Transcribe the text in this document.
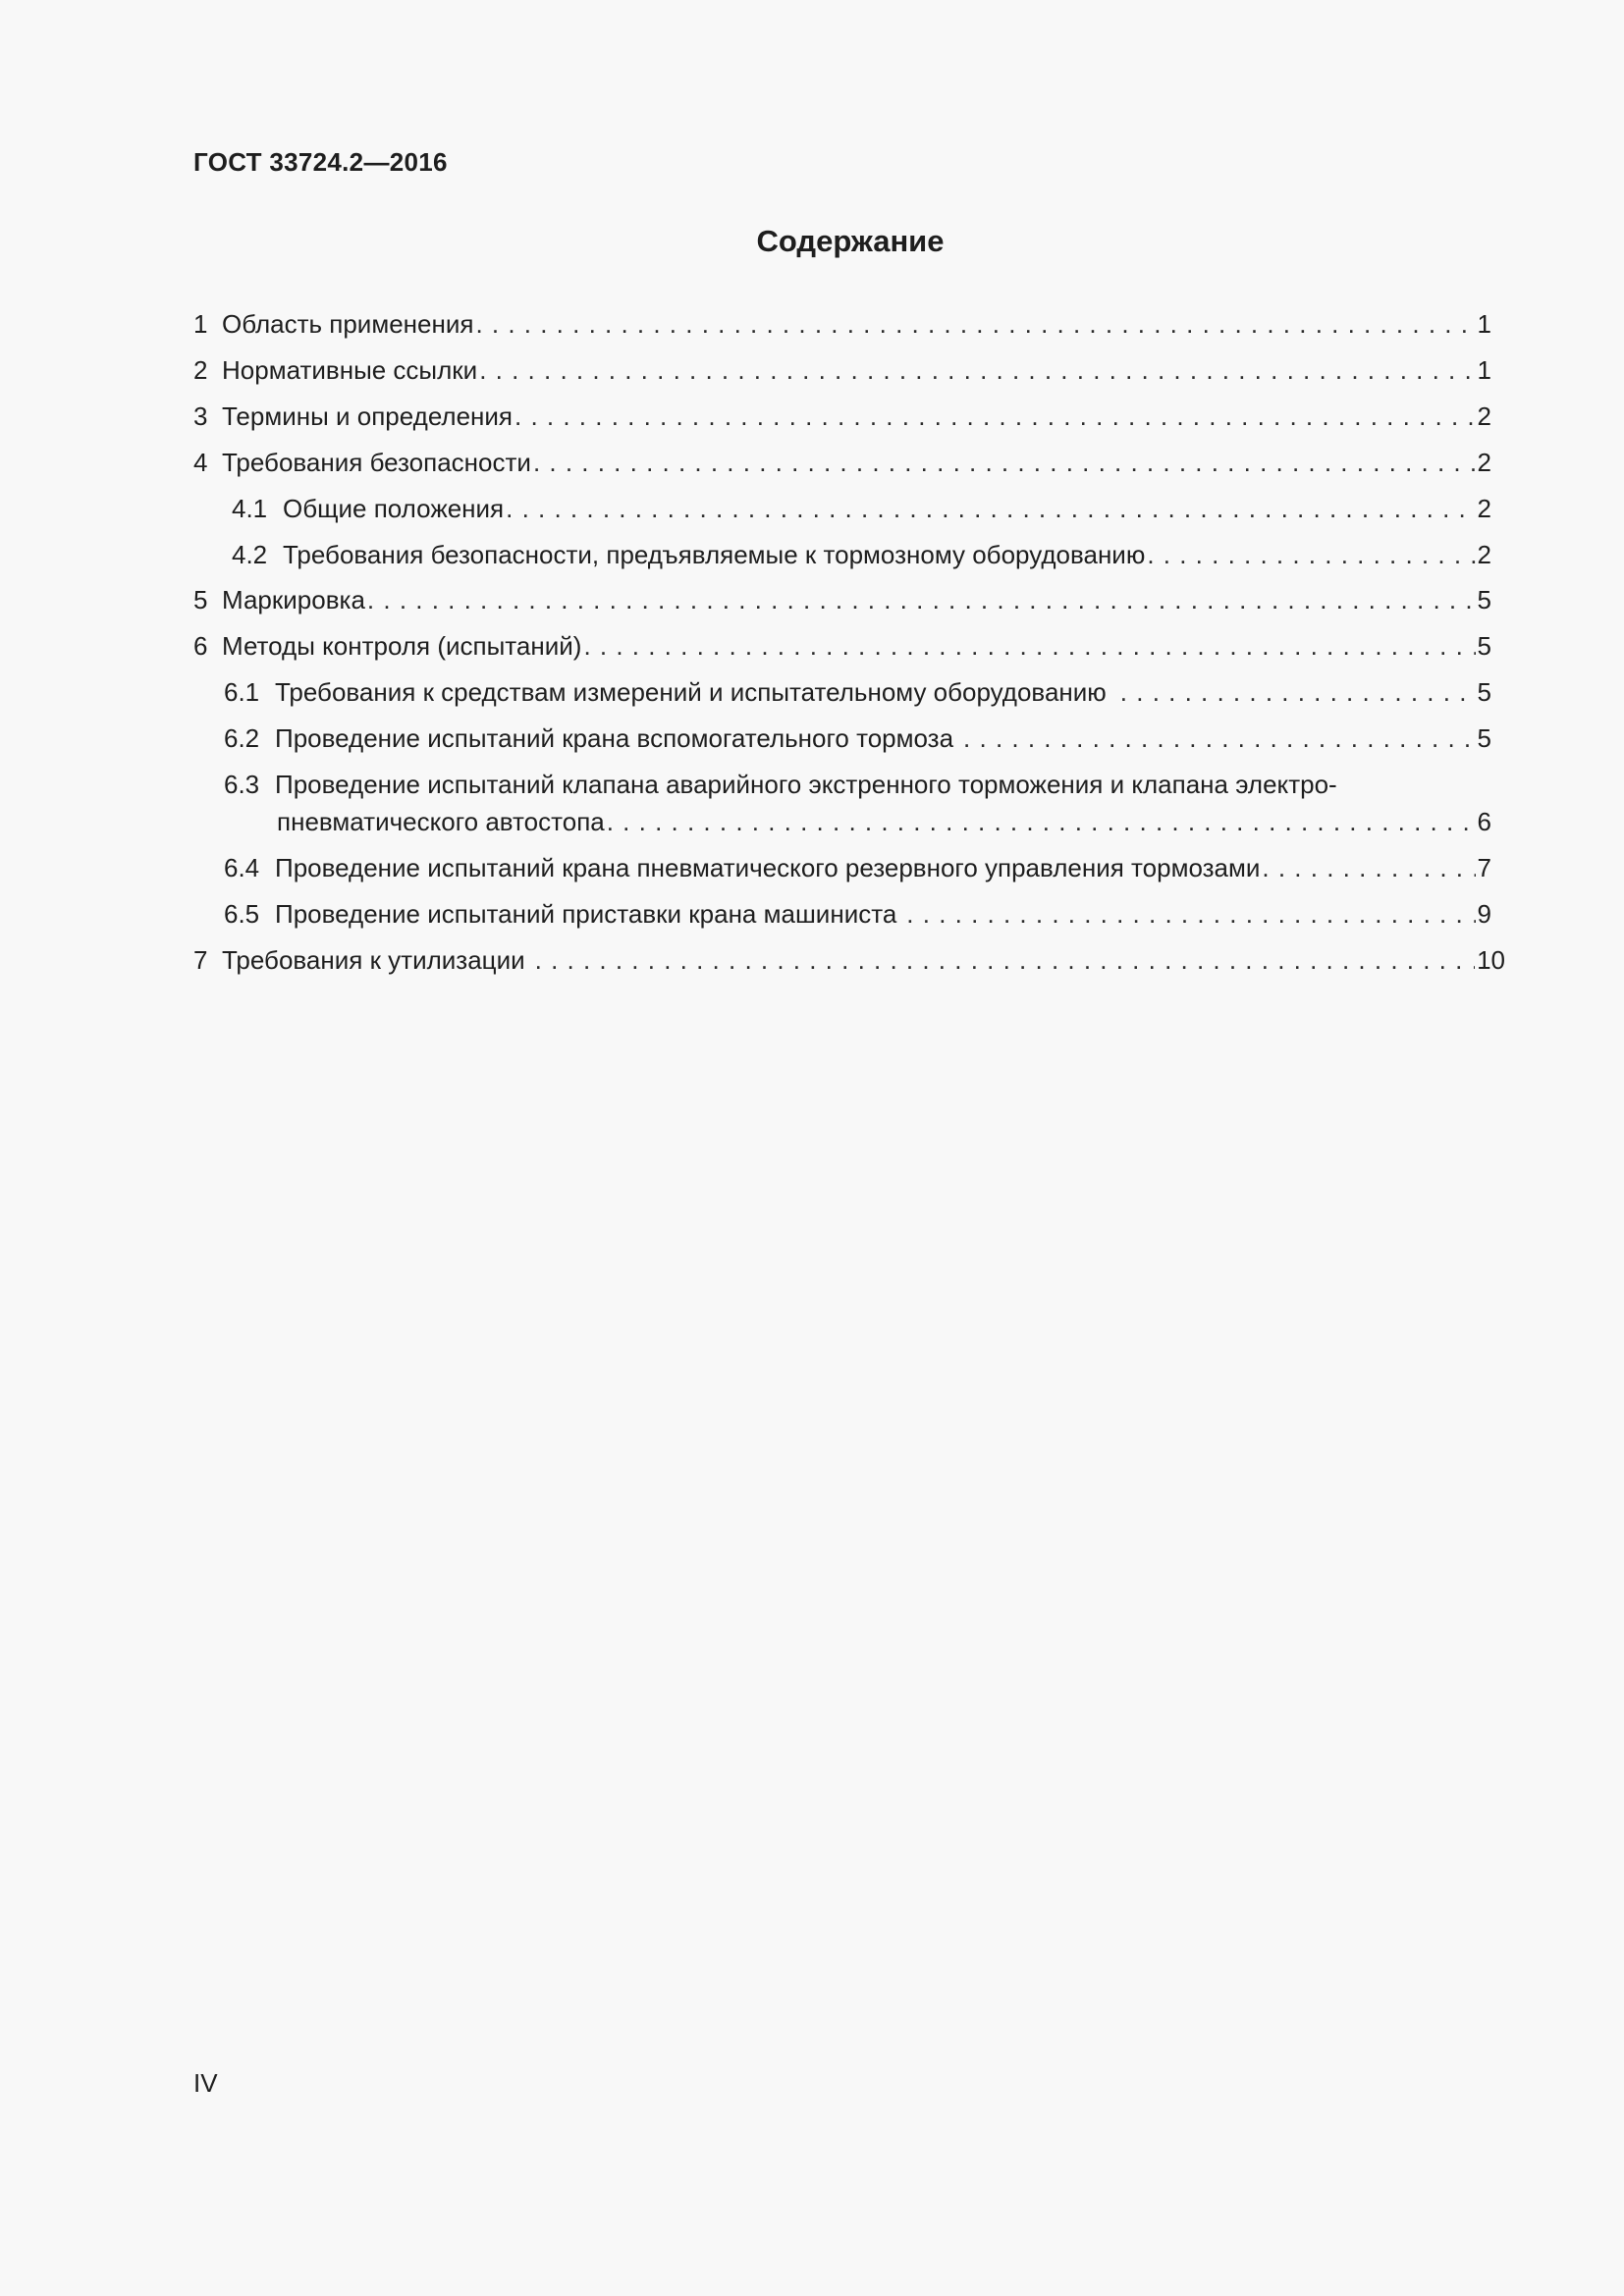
ГОСТ 33724.2—2016
Содержание
1 Область применения . . .	1
2 Нормативные ссылки . . .	1
3 Термины и определения . . .	2
4 Требования безопасности . . .	2
4.1 Общие положения . . .	2
4.2 Требования безопасности, предъявляемые к тормозному оборудованию . . .	2
5 Маркировка . . .	5
6 Методы контроля (испытаний) . . .	5
6.1 Требования к средствам измерений и испытательному оборудованию . . .	5
6.2 Проведение испытаний крана вспомогательного тормоза . . .	5
6.3 Проведение испытаний клапана аварийного экстренного торможения и клапана электро-
пневматического автостопа . . .	6
6.4 Проведение испытаний крана пневматического резервного управления тормозами . . .	7
6.5 Проведение испытаний приставки крана машиниста . . .	9
7 Требования к утилизации . . .	10
IV
